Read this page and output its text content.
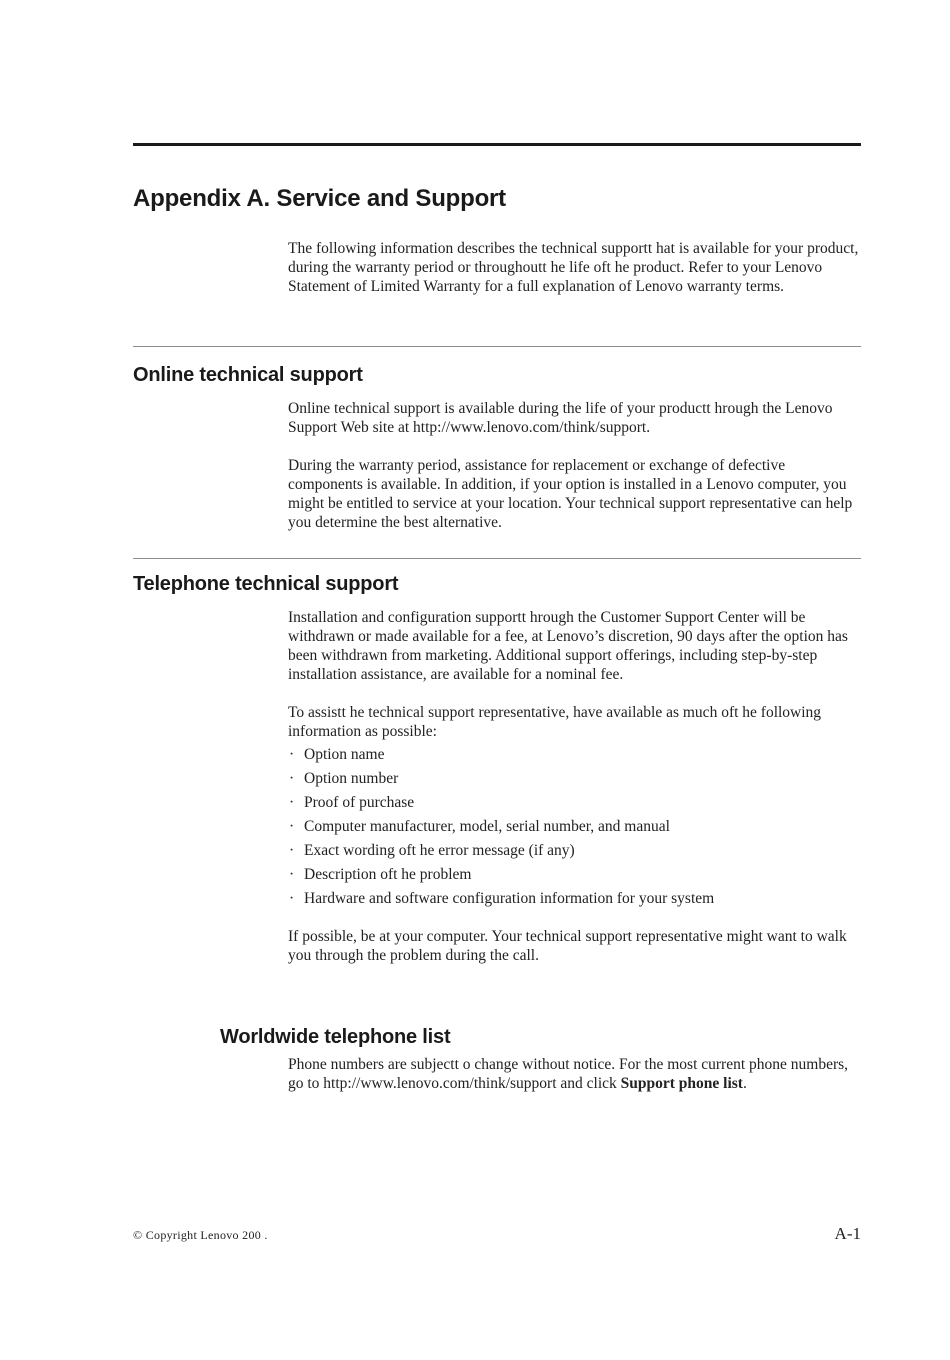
Appendix A. Service and Support

The following information describes the technical supportt hat is available for your product, during the warranty period or throughoutt he life oft he product. Refer to your Lenovo Statement of Limited Warranty for a full explanation of Lenovo warranty terms.

Online technical support

Online technical support is available during the life of your productt hrough the Lenovo Support Web site at http://www.lenovo.com/think/support.

During the warranty period, assistance for replacement or exchange of defective components is available. In addition, if your option is installed in a Lenovo computer, you might be entitled to service at your location. Your technical support representative can help you determine the best alternative.

Telephone technical support

Installation and configuration supportt hrough the Customer Support Center will be withdrawn or made available for a fee, at Lenovo’s discretion, 90 days after the option has been withdrawn from marketing. Additional support offerings, including step-by-step installation assistance, are available for a nominal fee.

To assistt he technical support representative, have available as much oft he following information as possible:

· Option name
· Option number
· Proof of purchase
· Computer manufacturer, model, serial number, and manual
· Exact wording oft he error message (if any)
· Description oft he problem
· Hardware and software configuration information for your system

If possible, be at your computer. Your technical support representative might want to walk you through the problem during the call.

Worldwide telephone list

Phone numbers are subjectt o change without notice. For the most current phone numbers, go to http://www.lenovo.com/think/support and click Support phone list.

© Copyright Lenovo 200 .	A-1
